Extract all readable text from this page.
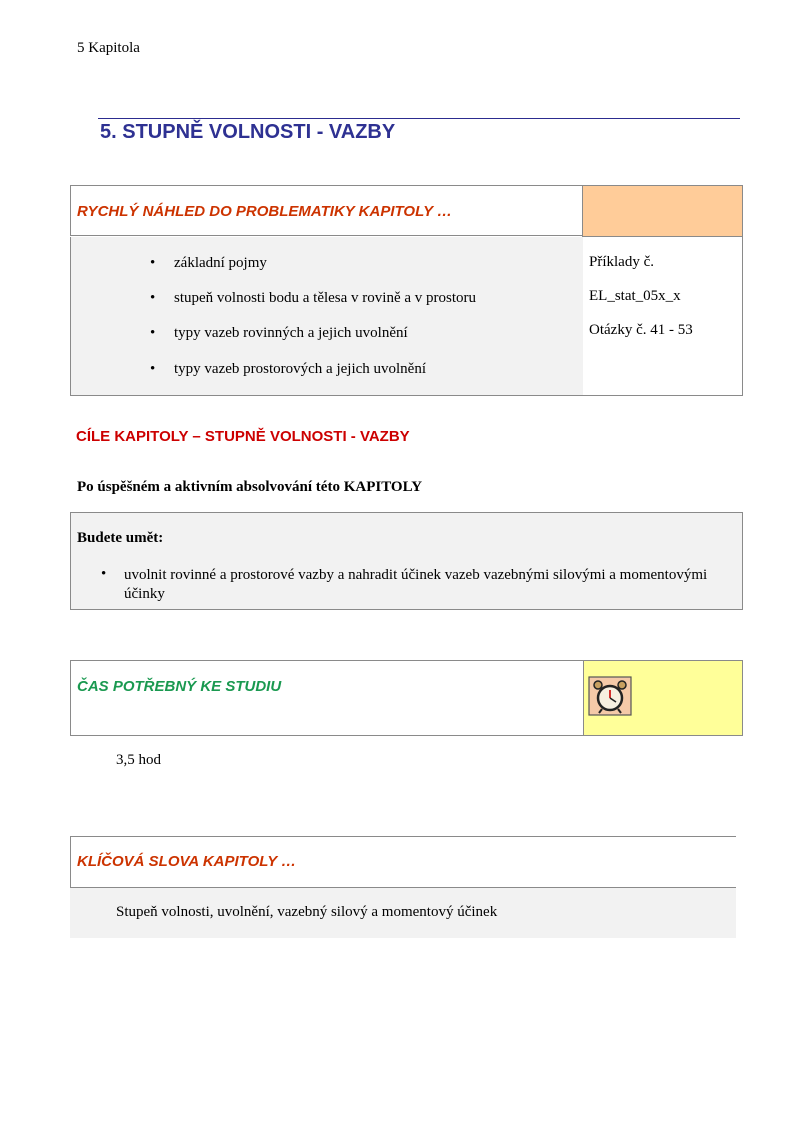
5 Kapitola
5. STUPNĚ VOLNOSTI - VAZBY
RYCHLÝ NÁHLED DO PROBLEMATIKY KAPITOLY …
• základní pojmy
• stupeň volnosti bodu a tělesa v rovině a v prostoru
• typy vazeb rovinných a jejich uvolnění
• typy vazeb prostorových a jejich uvolnění
Příklady č.
EL_stat_05x_x
Otázky č. 41 - 53
CÍLE KAPITOLY – STUPNĚ VOLNOSTI - VAZBY
Po úspěšném a aktivním absolvování této KAPITOLY
Budete umět:
• uvolnit rovinné a prostorové vazby a nahradit účinek vazeb vazebnými silovými a momentovými účinky
ČAS POTŘEBNÝ KE STUDIU
3,5 hod
KLÍČOVÁ SLOVA KAPITOLY …
Stupeň volnosti, uvolnění, vazebný silový a momentový účinek
